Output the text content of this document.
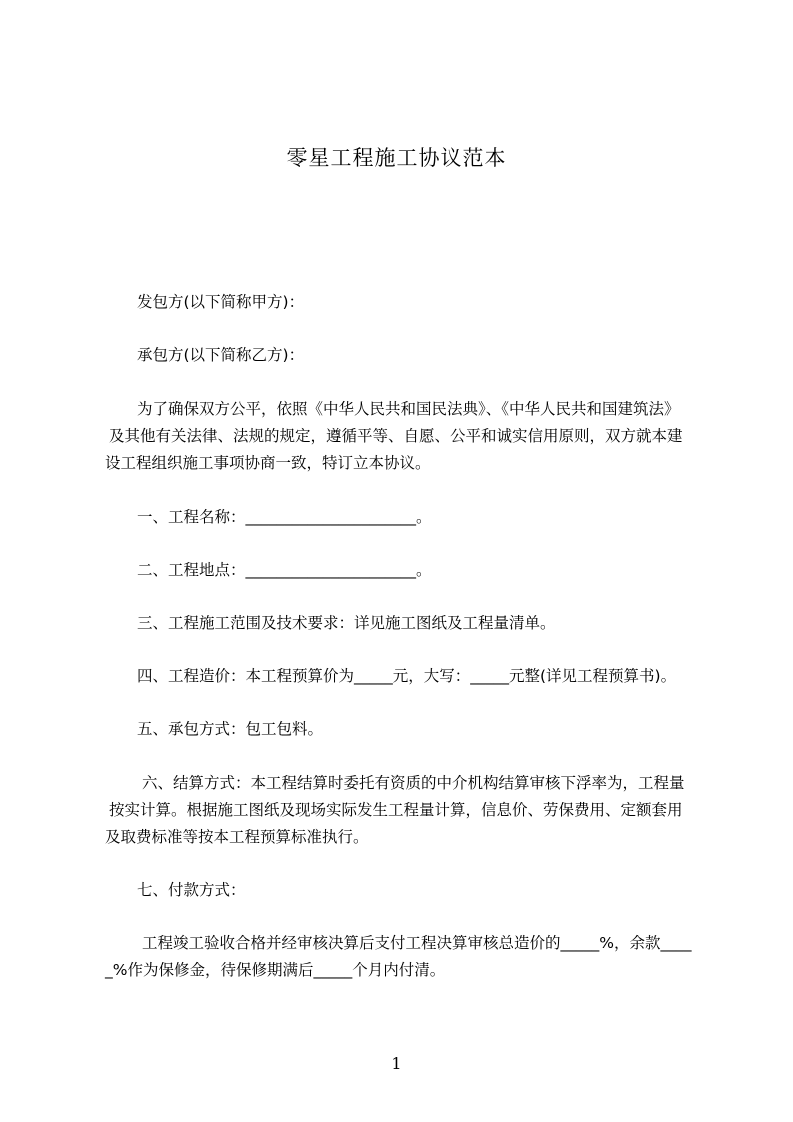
零星工程施工协议范本
发包方(以下简称甲方)：
承包方(以下简称乙方)：
为了确保双方公平，依照《中华人民共和国民法典》、《中华人民共和国建筑法》
及其他有关法律、法规的规定，遵循平等、自愿、公平和诚实信用原则，双方就本建
设工程组织施工事项协商一致，特订立本协议。
一、工程名称：______________________。
二、工程地点：______________________。
三、工程施工范围及技术要求：详见施工图纸及工程量清单。
四、工程造价：本工程预算价为_____元，大写：_____元整(详见工程预算书)。
五、承包方式：包工包料。
六、结算方式：本工程结算时委托有资质的中介机构结算审核下浮率为，工程量
按实计算。根据施工图纸及现场实际发生工程量计算，信息价、劳保费用、定额套用
及取费标准等按本工程预算标准执行。
七、付款方式：
工程竣工验收合格并经审核决算后支付工程决算审核总造价的_____%，余款____
_%作为保修金，待保修期满后_____个月内付清。
1
